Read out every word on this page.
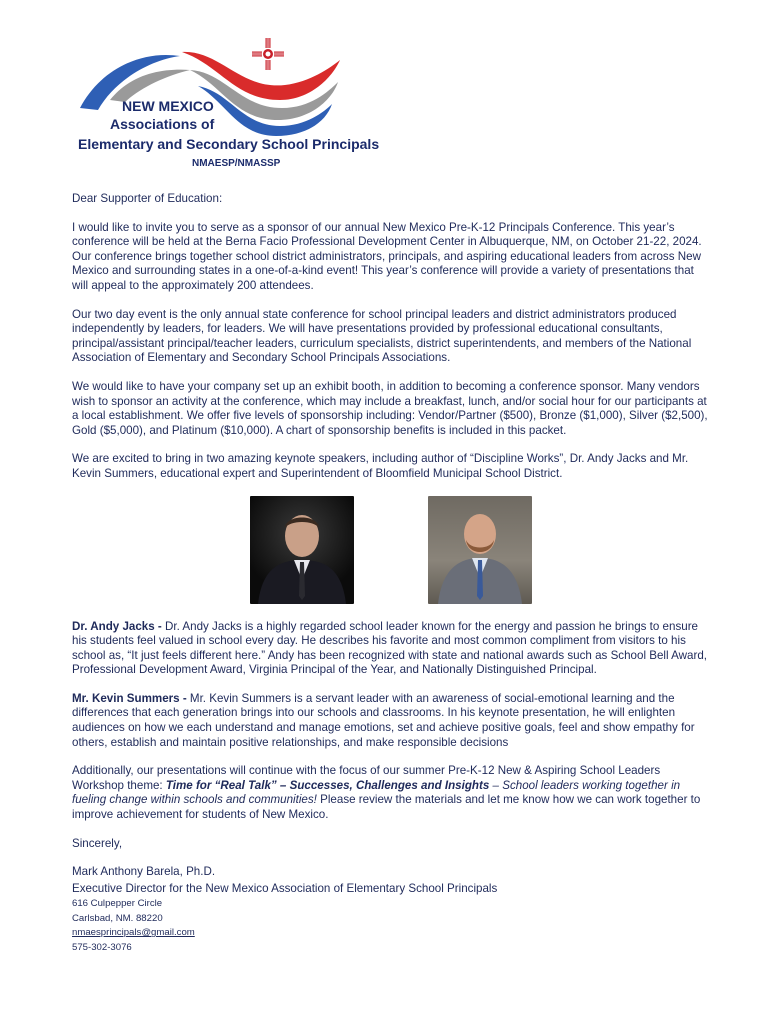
NEW MEXICO
Associations of
Elementary and Secondary School Principals
NMAESP/NMASSP

Dear Supporter of Education:

I would like to invite you to serve as a sponsor of our annual New Mexico Pre-K-12 Principals Conference. This year’s conference will be held at the Berna Facio Professional Development Center in Albuquerque, NM, on October 21-22, 2024. Our conference brings together school district administrators, principals, and aspiring educational leaders from across New Mexico and surrounding states in a one-of-a-kind event! This year’s conference will provide a variety of presentations that will appeal to the approximately 200 attendees.

Our two day event is the only annual state conference for school principal leaders and district administrators produced independently by leaders, for leaders. We will have presentations provided by professional educational consultants, principal/assistant principal/teacher leaders, curriculum specialists, district superintendents, and members of the National Association of Elementary and Secondary School Principals Associations.

We would like to have your company set up an exhibit booth, in addition to becoming a conference sponsor. Many vendors wish to sponsor an activity at the conference, which may include a breakfast, lunch, and/or social hour for our participants at a local establishment. We offer five levels of sponsorship including: Vendor/Partner ($500), Bronze ($1,000), Silver ($2,500), Gold ($5,000), and Platinum ($10,000). A chart of sponsorship benefits is included in this packet.

We are excited to bring in two amazing keynote speakers, including author of “Discipline Works”, Dr. Andy Jacks and Mr. Kevin Summers, educational expert and Superintendent of Bloomfield Municipal School District.

Dr. Andy Jacks - Dr. Andy Jacks is a highly regarded school leader known for the energy and passion he brings to ensure his students feel valued in school every day. He describes his favorite and most common compliment from visitors to his school as, “It just feels different here.” Andy has been recognized with state and national awards such as School Bell Award, Professional Development Award, Virginia Principal of the Year, and Nationally Distinguished Principal.

Mr. Kevin Summers - Mr. Kevin Summers is a servant leader with an awareness of social-emotional learning and the differences that each generation brings into our schools and classrooms. In his keynote presentation, he will enlighten audiences on how we each understand and manage emotions, set and achieve positive goals, feel and show empathy for others, establish and maintain positive relationships, and make responsible decisions

Additionally, our presentations will continue with the focus of our summer Pre-K-12 New & Aspiring School Leaders Workshop theme: Time for “Real Talk” – Successes, Challenges and Insights – School leaders working together in fueling change within schools and communities! Please review the materials and let me know how we can work together to improve achievement for students of New Mexico.

Sincerely,

Mark Anthony Barela, Ph.D.

Executive Director for the New Mexico Association of Elementary School Principals

616 Culpepper Circle

Carlsbad, NM. 88220

nmaesprincipals@gmail.com

575-302-3076
